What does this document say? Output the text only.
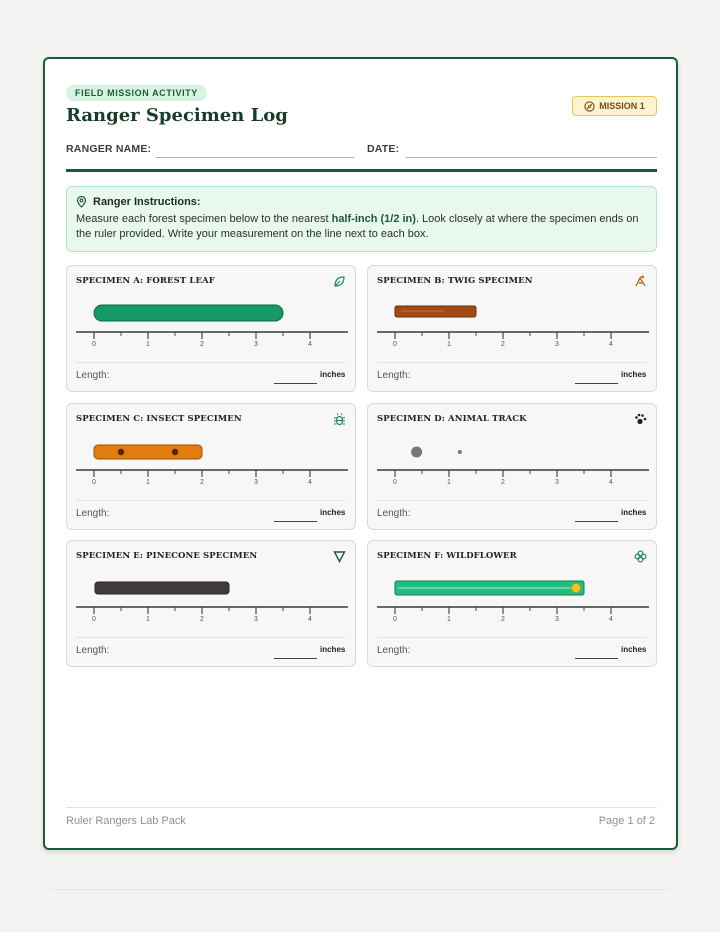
FIELD MISSION ACTIVITY
Ranger Specimen Log	MISSION 1
RANGER NAME:	DATE:
Ranger Instructions:
Measure each forest specimen below to the nearest half-inch (1/2 in). Look closely at where the specimen ends on the ruler provided. Write your measurement on the line next to each box.
SPECIMEN A: FOREST LEAF
0	1	2	3	4
Length:	inches
SPECIMEN B: TWIG SPECIMEN
0	1	2	3	4
Length:	inches
SPECIMEN C: INSECT SPECIMEN
0	1	2	3	4
Length:	inches
SPECIMEN D: ANIMAL TRACK
0	1	2	3	4
Length:	inches
SPECIMEN E: PINECONE SPECIMEN
0	1	2	3	4
Length:	inches
SPECIMEN F: WILDFLOWER
0	1	2	3	4
Length:	inches
Ruler Rangers Lab Pack	Page 1 of 2
